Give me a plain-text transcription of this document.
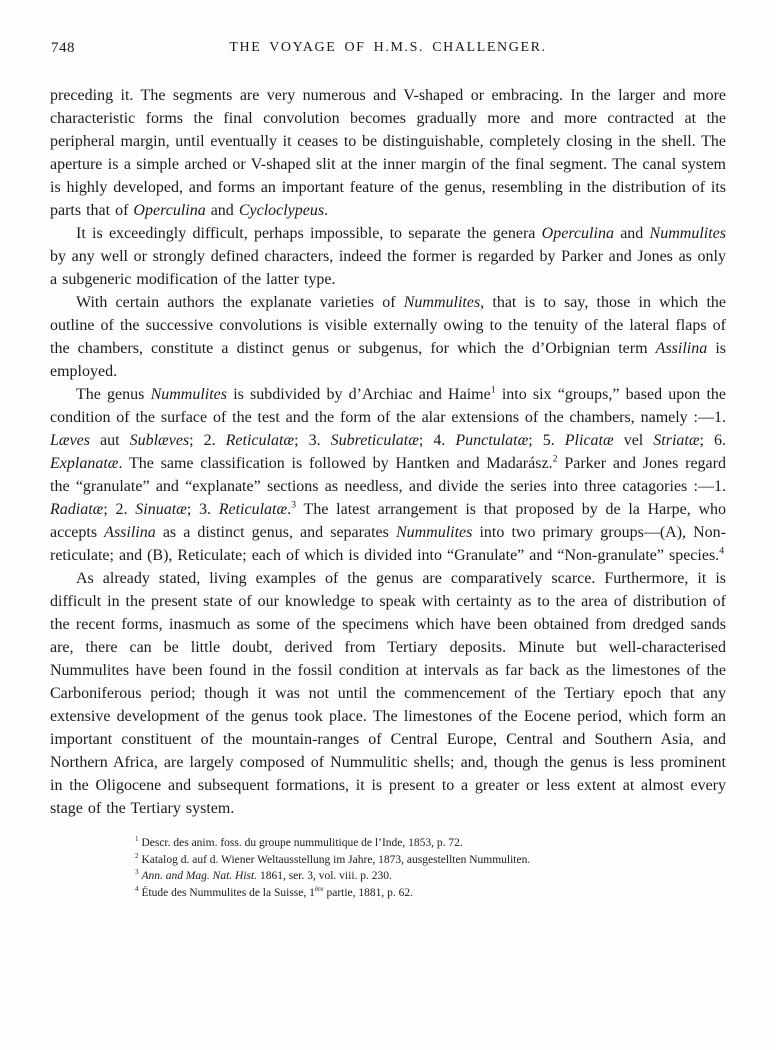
748	THE VOYAGE OF H.M.S. CHALLENGER.

preceding it. The segments are very numerous and V-shaped or embracing. In the larger and more characteristic forms the final convolution becomes gradually more and more contracted at the peripheral margin, until eventually it ceases to be distinguishable, completely closing in the shell. The aperture is a simple arched or V-shaped slit at the inner margin of the final segment. The canal system is highly developed, and forms an important feature of the genus, resembling in the distribution of its parts that of Operculina and Cycloclypeus.

It is exceedingly difficult, perhaps impossible, to separate the genera Operculina and Nummulites by any well or strongly defined characters, indeed the former is regarded by Parker and Jones as only a subgeneric modification of the latter type.

With certain authors the explanate varieties of Nummulites, that is to say, those in which the outline of the successive convolutions is visible externally owing to the tenuity of the lateral flaps of the chambers, constitute a distinct genus or subgenus, for which the d’Orbignian term Assilina is employed.

The genus Nummulites is subdivided by d’Archiac and Haime$^1$ into six “groups,” based upon the condition of the surface of the test and the form of the alar extensions of the chambers, namely :—1. Læves aut Sublæves; 2. Reticulatæ; 3. Subreticulatæ; 4. Punctulatæ; 5. Plicatæ vel Striatæ; 6. Explanatæ. The same classification is followed by Hantken and Madarász.$^2$ Parker and Jones regard the “granulate” and “explanate” sections as needless, and divide the series into three catagories :—1. Radiatæ; 2. Sinuatæ; 3. Reticulatæ.$^3$ The latest arrangement is that proposed by de la Harpe, who accepts Assilina as a distinct genus, and separates Nummulites into two primary groups—(A), Non-reticulate; and (B), Reticulate; each of which is divided into “Granulate” and “Non-granulate” species.$^4$

As already stated, living examples of the genus are comparatively scarce. Furthermore, it is difficult in the present state of our knowledge to speak with certainty as to the area of distribution of the recent forms, inasmuch as some of the specimens which have been obtained from dredged sands are, there can be little doubt, derived from Tertiary deposits. Minute but well-characterised Nummulites have been found in the fossil condition at intervals as far back as the limestones of the Carboniferous period; though it was not until the commencement of the Tertiary epoch that any extensive development of the genus took place. The limestones of the Eocene period, which form an important constituent of the mountain-ranges of Central Europe, Central and Southern Asia, and Northern Africa, are largely composed of Nummulitic shells; and, though the genus is less prominent in the Oligocene and subsequent formations, it is present to a greater or less extent at almost every stage of the Tertiary system.

$^1$ Descr. des anim. foss. du groupe nummulitique de l’Inde, 1853, p. 72.

$^2$ Katalog d. auf d. Wiener Weltausstellung im Jahre, 1873, ausgestellten Nummuliten.

$^3$ Ann. and Mag. Nat. Hist. 1861, ser. 3, vol. viii. p. 230.

$^4$ Étude des Nummulites de la Suisse, 1ère partie, 1881, p. 62.
